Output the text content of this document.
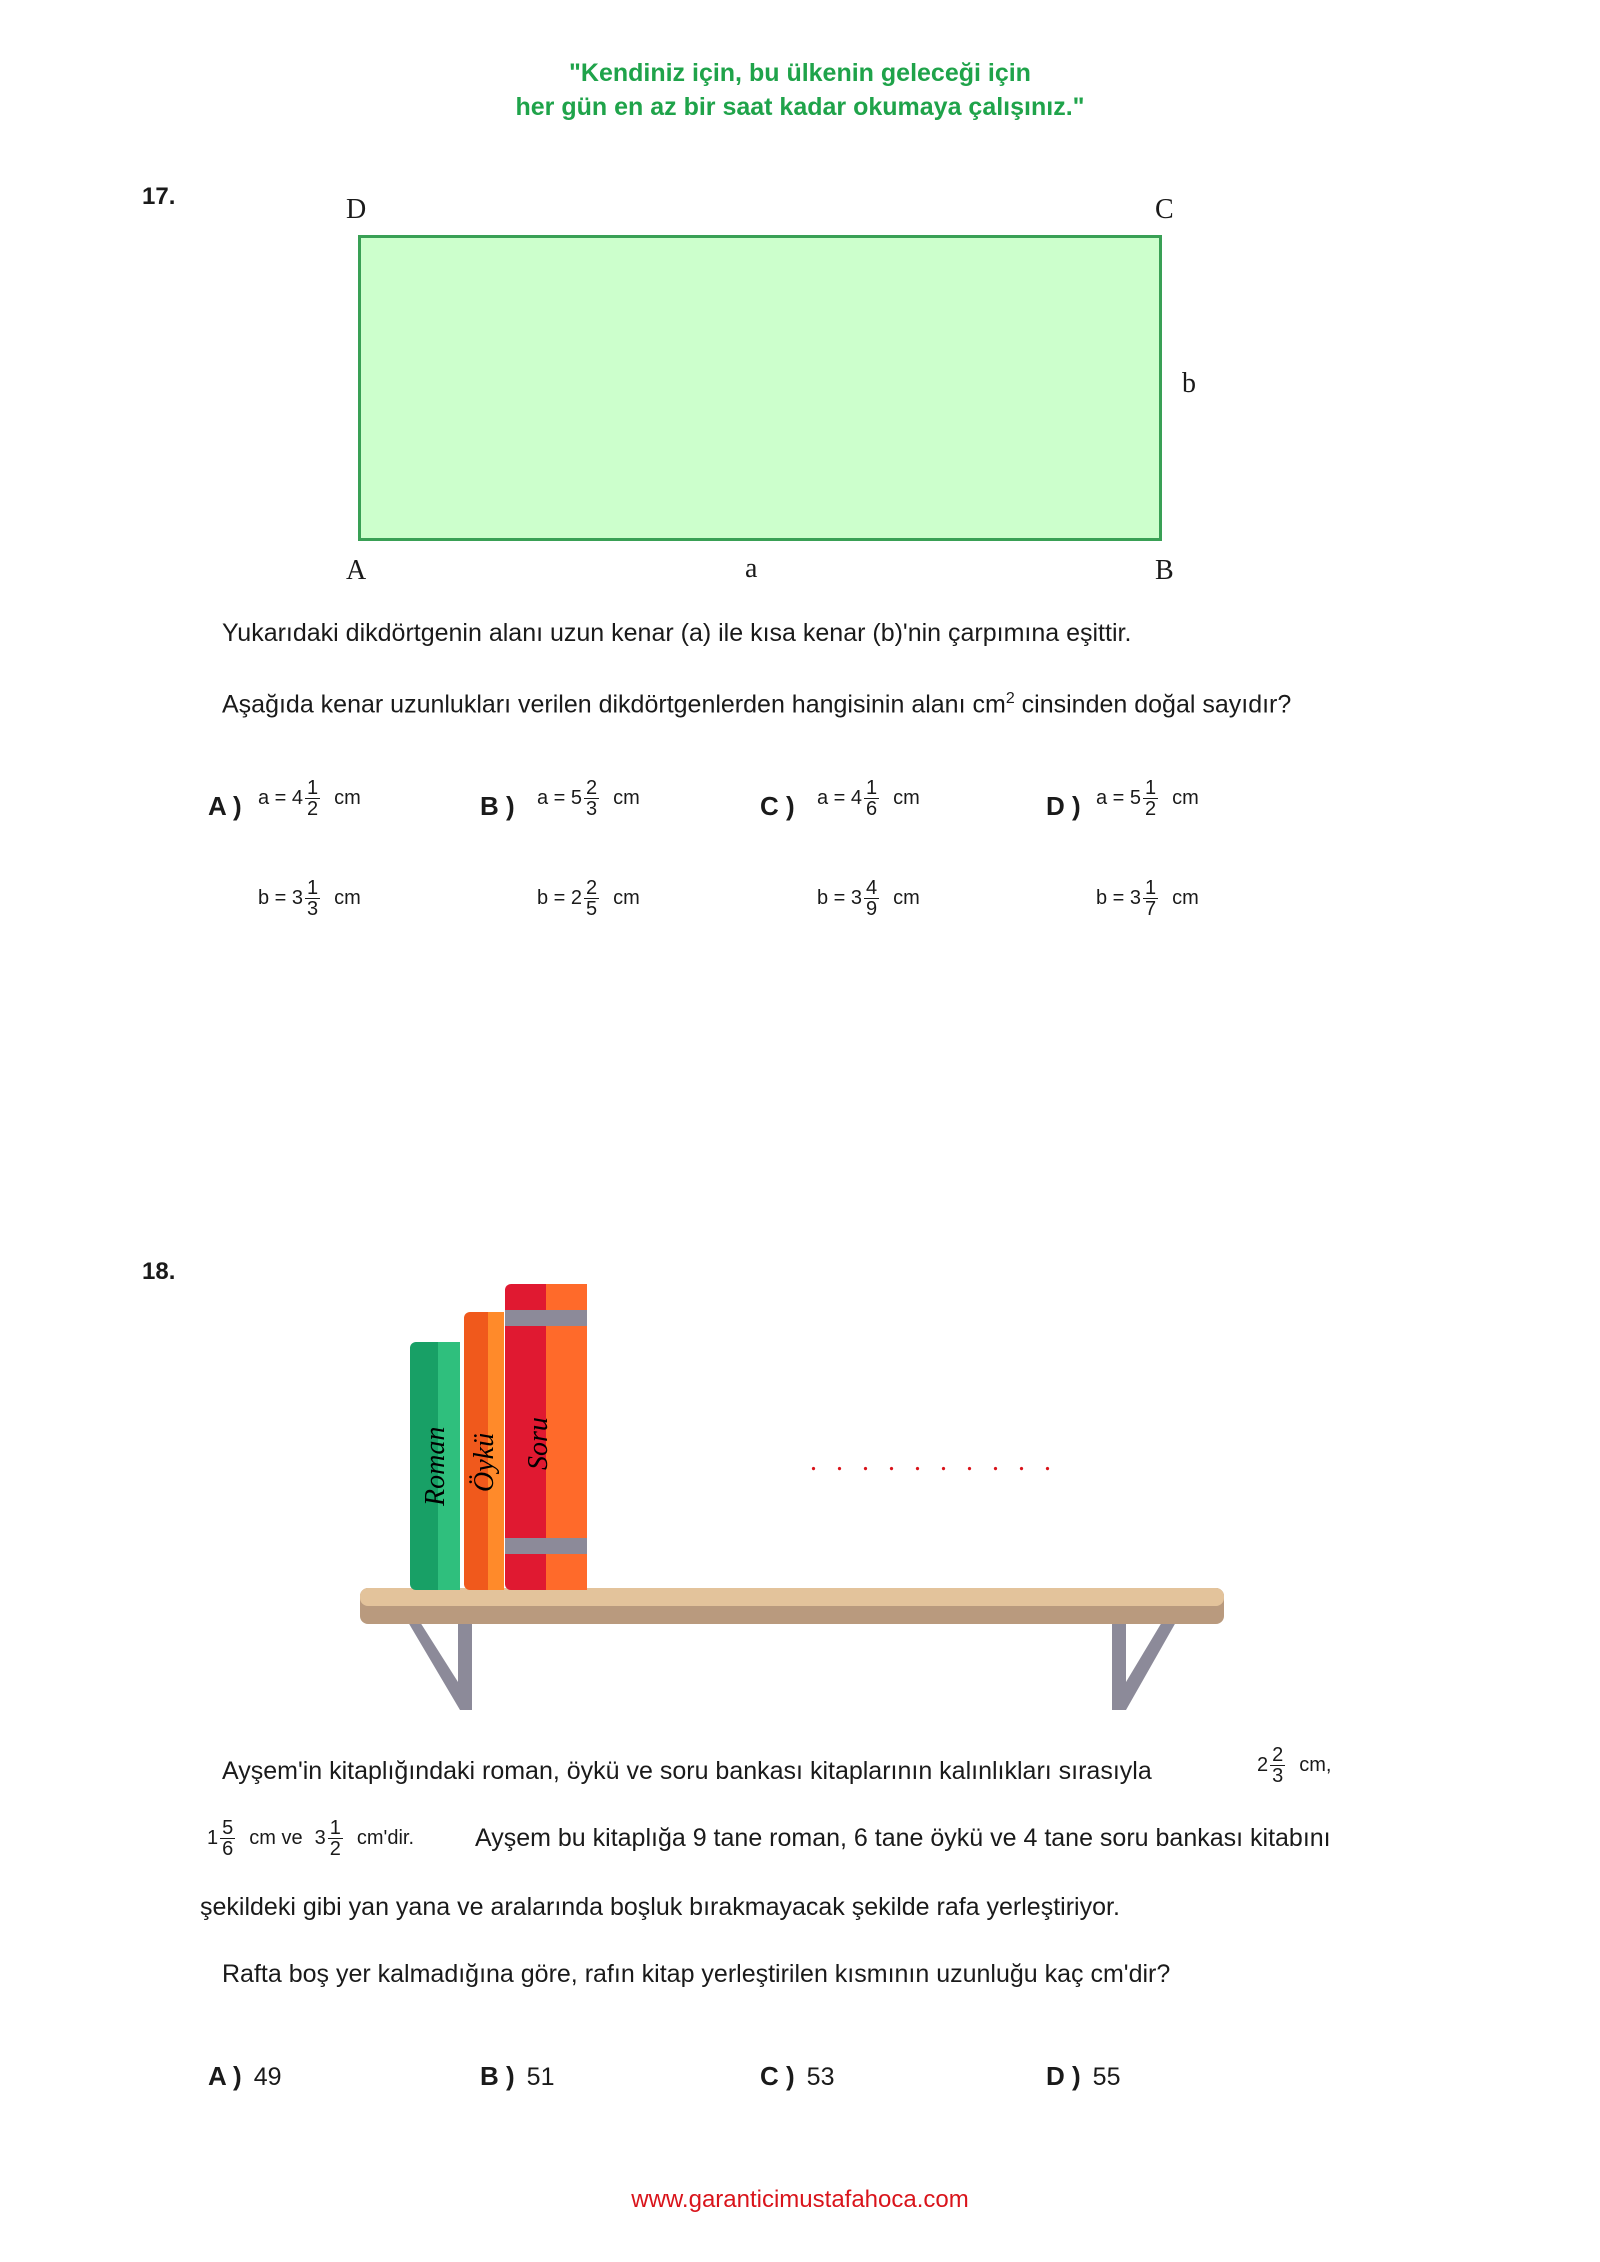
"Kendiniz için, bu ülkenin geleceği için
her gün en az bir saat kadar okumaya çalışınız."
17.	D	C
b
A	a	B
Yukarıdaki dikdörtgenin alanı uzun kenar (a) ile kısa kenar (b)'nin çarpımına eşittir.
Aşağıda kenar uzunlukları verilen dikdörtgenlerden hangisinin alanı $cm^2$ cinsinden doğal sayıdır?
A ) $a = 4 \frac{1}{2}$ cm
$b = 3 \frac{1}{3}$ cm
B ) $a = 5 \frac{2}{3}$ cm
$b = 2 \frac{2}{5}$ cm
C ) $a = 4 \frac{1}{6}$ cm
$b = 3 \frac{4}{9}$ cm
D ) $a = 5 \frac{1}{2}$ cm
$b = 3 \frac{1}{7}$ cm
18.
Roman Öykü Soru	. . . . . . . . . .
Ayşem'in kitaplığındaki roman, öykü ve soru bankası kitaplarının kalınlıkları sırasıyla	$2 \frac{2}{3}$ cm,
$1 \frac{5}{6}$ cm ve $3 \frac{1}{2} cm'dir$. Ayşem bu kitaplığa 9 tane roman, 6 tane öykü ve 4 tane soru bankası kitabını
şekildeki gibi yan yana ve aralarında boşluk bırakmayacak şekilde rafa yerleştiriyor.
Rafta boş yer kalmadığına göre, rafın kitap yerleştirilen kısmının uzunluğu kaç cm'dir?
A ) 49	B ) 51	C ) 53	D ) 55
www.garanticimustafahoca.com
